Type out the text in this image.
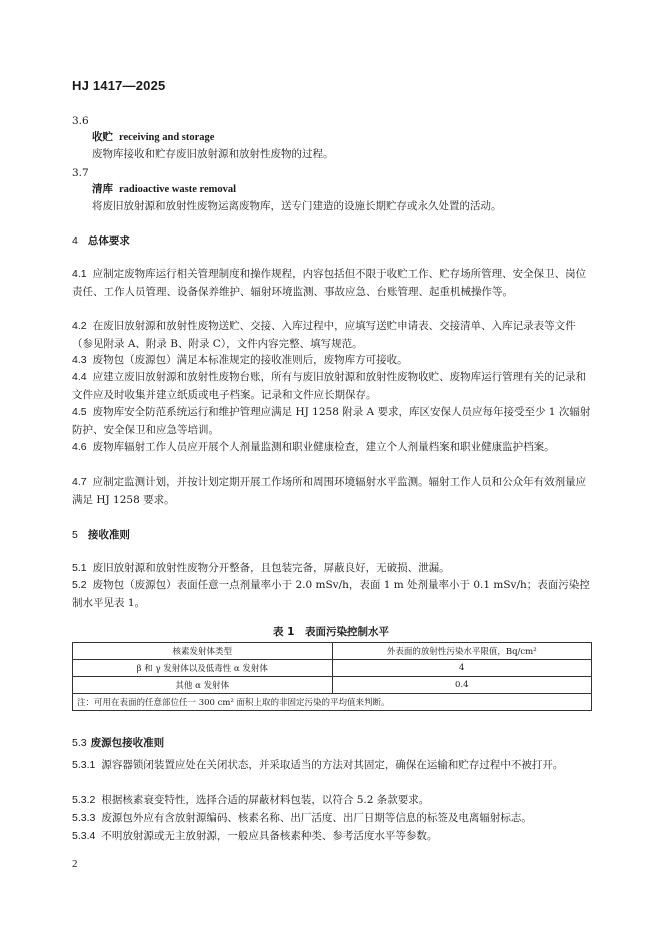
HJ 1417—2025
3.6
收贮 receiving and storage
废物库接收和贮存废旧放射源和放射性废物的过程。
3.7
清库 radioactive waste removal
将废旧放射源和放射性废物运离废物库，送专门建造的设施长期贮存或永久处置的活动。
4 总体要求
4.1 应制定废物库运行相关管理制度和操作规程，内容包括但不限于收贮工作、贮存场所管理、安全保卫、岗位责任、工作人员管理、设备保养维护、辐射环境监测、事故应急、台账管理、起重机械操作等。
4.2 在废旧放射源和放射性废物送贮、交接、入库过程中，应填写送贮申请表、交接清单、入库记录表等文件（参见附录 A、附录 B、附录 C），文件内容完整、填写规范。
4.3 废物包（废源包）满足本标准规定的接收准则后，废物库方可接收。
4.4 应建立废旧放射源和放射性废物台账，所有与废旧放射源和放射性废物收贮、废物库运行管理有关的记录和文件应及时收集并建立纸质或电子档案。记录和文件应长期保存。
4.5 废物库安全防范系统运行和维护管理应满足 HJ 1258 附录 A 要求，库区安保人员应每年接受至少 1 次辐射防护、安全保卫和应急等培训。
4.6 废物库辐射工作人员应开展个人剂量监测和职业健康检查，建立个人剂量档案和职业健康监护档案。
4.7 应制定监测计划，并按计划定期开展工作场所和周围环境辐射水平监测。辐射工作人员和公众年有效剂量应满足 HJ 1258 要求。
5 接收准则
5.1 废旧放射源和放射性废物分开整备，且包装完备，屏蔽良好，无破损、泄漏。
5.2 废物包（废源包）表面任意一点剂量率小于 2.0 mSv/h，表面 1 m 处剂量率小于 0.1 mSv/h；表面污染控制水平见表 1。
表 1　表面污染控制水平
核素发射体类型	外表面的放射性污染水平限值，Bq/cm²
β 和 γ 发射体以及低毒性 α 发射体	4
其他 α 发射体	0.4
注：可用在表面的任意部位任一 300 cm² 面积上取的非固定污染的平均值来判断。	
5.3 废源包接收准则
5.3.1 源容器锁闭装置应处在关闭状态，并采取适当的方法对其固定，确保在运输和贮存过程中不被打开。
5.3.2 根据核素衰变特性，选择合适的屏蔽材料包装，以符合 5.2 条款要求。
5.3.3 废源包外应有含放射源编码、核素名称、出厂活度、出厂日期等信息的标签及电离辐射标志。
5.3.4 不明放射源或无主放射源，一般应具备核素种类、参考活度水平等参数。
2
